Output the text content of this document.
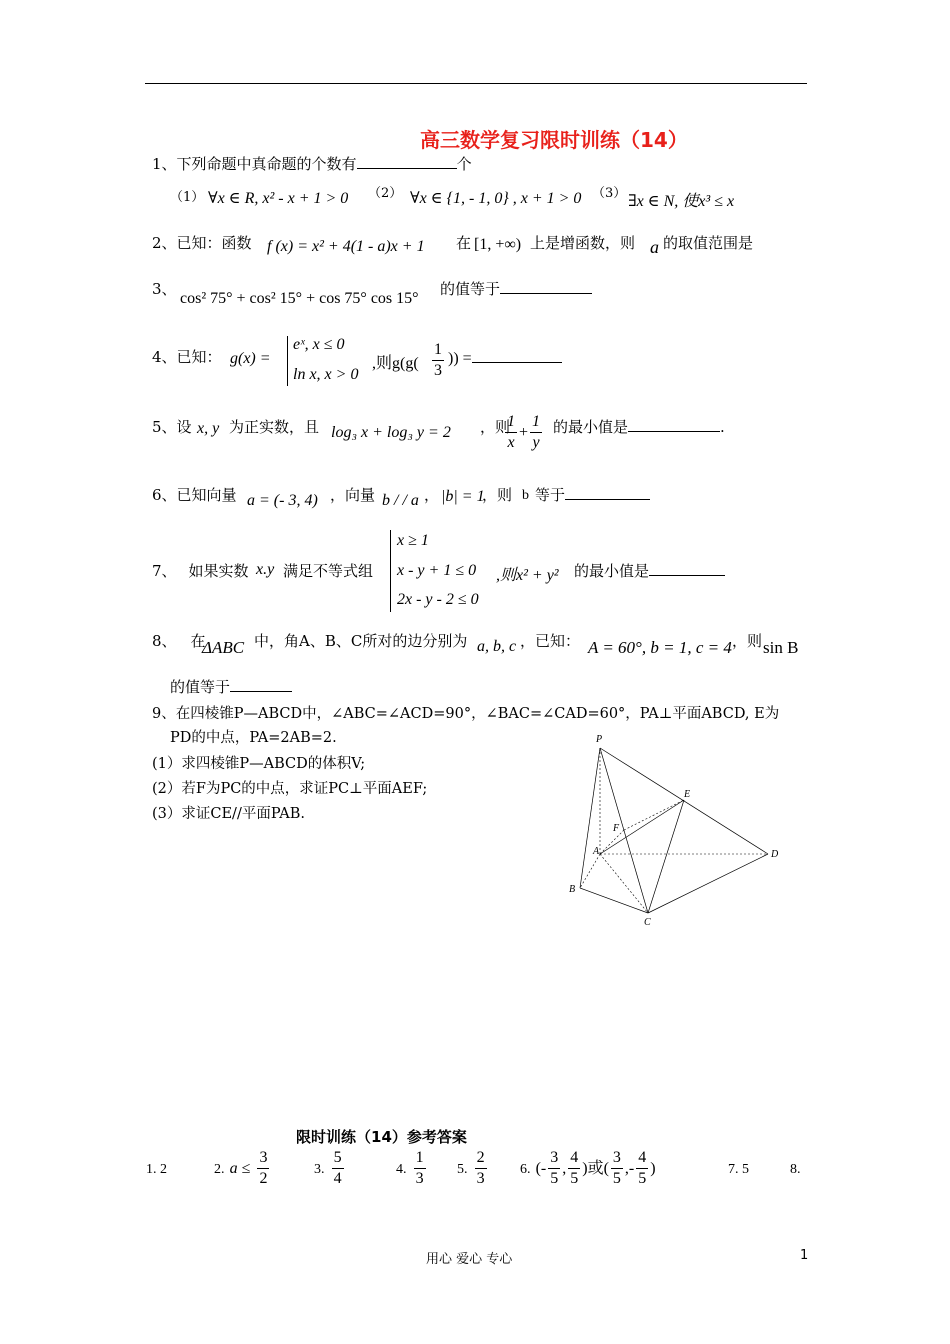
高三数学复习限时训练（14）
1、下列命题中真命题的个数有	个
（1） ∀x ∈ R, x² - x + 1 > 0 （2） ∀x ∈ {1, - 1, 0} , x + 1 > 0 （3） ∃x ∈ N, 使x³ ≤ x
2、已知：函数 f (x) = x² + 4(1 - a)x + 1 在 [1, +∞) 上是增函数，则 a 的取值范围是
3、
cos² 75° + cos² 15° + cos 75° cos 15°
的值等于
4、已知： g(x) =
eˣ, x ≤ 0
ln x, x > 0
,则$g(g( \frac{1}{3}$ )) =
5、设 x, y 为正实数，且 log₃ x + log₃ y = 2 ，则
$\frac{1}{x} + \frac{1}{y}$ 的最小值是	.
6、已知向量 a = (- 3, 4) ，向量 b / / a ， |b| = 1
，则 b 等于
7、 如果实数 x.y 满足不等式组
x ≥ 1
x - y + 1 ≤ 0
2x - y - 2 ≤ 0
,则x² + y² 的最小值是
8、 在
ΔABC 中，角A、B、C所对的边分别为 a, b, c ，已知： A = 60°, b = 1, c = 4 ，则 sin B
的值等于
9、在四棱锥P—ABCD中，∠ABC=∠ACD=90°，∠BAC=∠CAD=60°，PA⊥平面ABCD, E为
PD的中点，PA=2AB=2.
(1）求四棱锥P—ABCD的体积V;
(2）若F为PC的中点，求证PC⊥平面AEF;
(3）求证CE//平面PAB.
P
E
F
A	D
B
C
限时训练（14）参考答案
1. 2	2. $a \le \frac{3}{2}$	3. $\frac{5}{4}$	4. $\frac{1}{3} 5$. $\frac{2}{3} 6$. (- $\frac{3}{5}$ , $\frac{4}{5}$ )或( $\frac{3}{5}$ ,- $\frac{4}{5}$ )	7. 5	8.
用心 爱心 专心	1
